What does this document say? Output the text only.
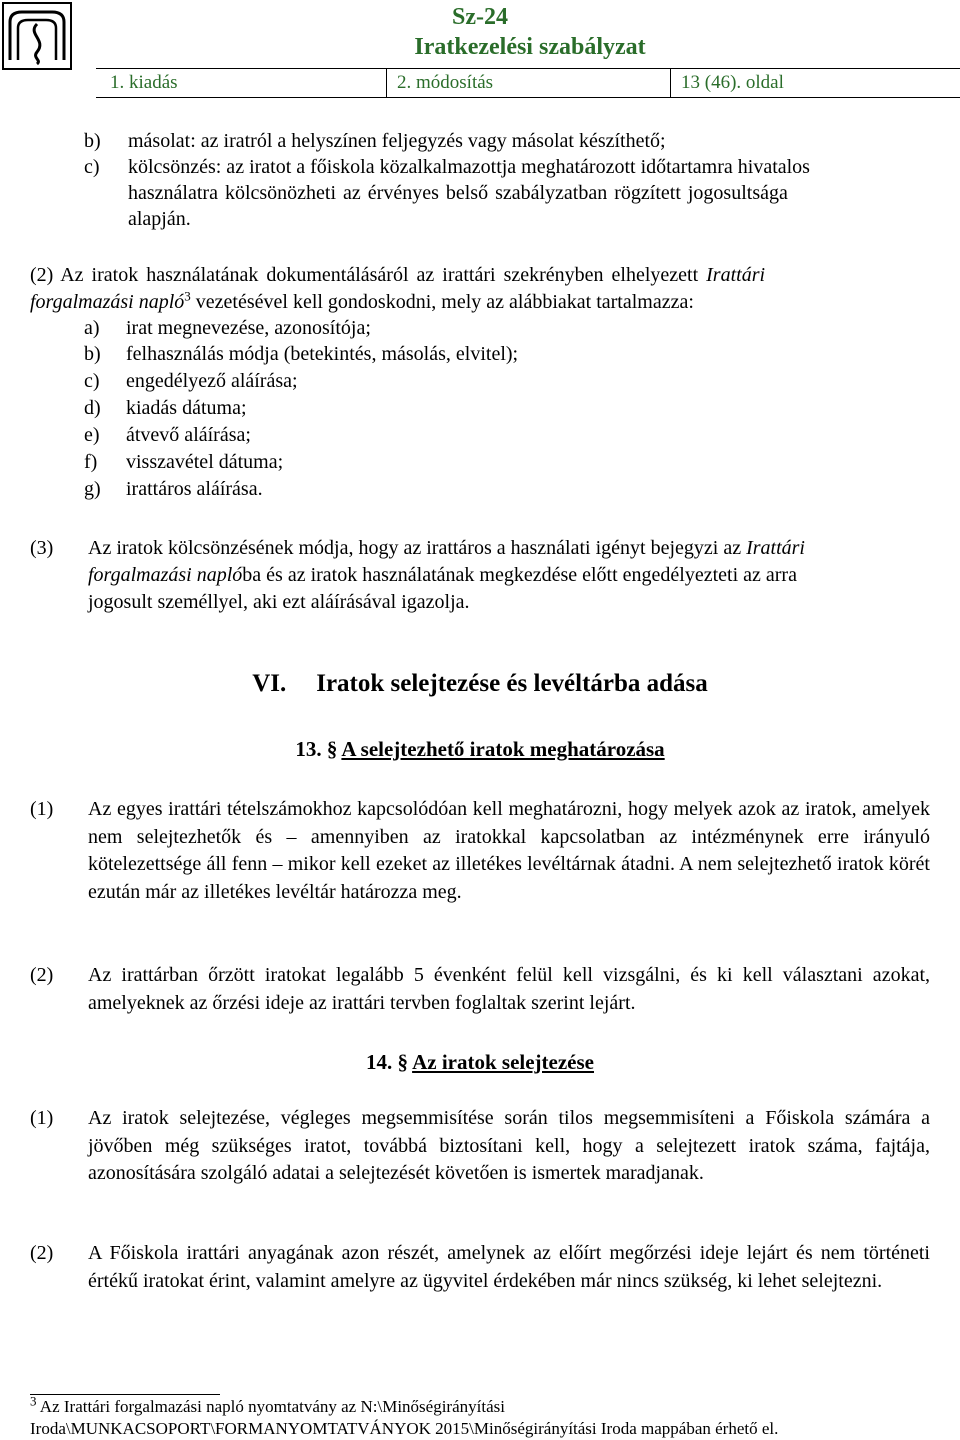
Sz-24
Iratkezelési szabályzat
1. kiadás	2. módosítás	13 (46). oldal
b) másolat: az iratról a helyszínen feljegyzés vagy másolat készíthető;
c) kölcsönzés: az iratot a főiskola közalkalmazottja meghatározott időtartamra hivatalos
használatra kölcsönözheti az érvényes belső szabályzatban rögzített jogosultsága
alapján.
(2) Az iratok használatának dokumentálásáról az irattári szekrényben elhelyezett Irattári
forgalmazási napló$^3$ vezetésével kell gondoskodni, mely az alábbiakat tartalmazza:
a) irat megnevezése, azonosítója;
b) felhasználás módja (betekintés, másolás, elvitel);
c) engedélyező aláírása;
d) kiadás dátuma;
e) átvevő aláírása;
f) visszavétel dátuma;
g) irattáros aláírása.
(3) Az iratok kölcsönzésének módja, hogy az irattáros a használati igényt bejegyzi az Irattári
forgalmazási naplóba és az iratok használatának megkezdése előtt engedélyezteti az arra
jogosult személlyel, aki ezt aláírásával igazolja.
VI. Iratok selejtezése és levéltárba adása
13. § A selejtezhető iratok meghatározása
(1) Az egyes irattári tételszámokhoz kapcsolódóan kell meghatározni, hogy melyek azok az iratok, amelyek nem selejtezhetők és – amennyiben az iratokkal kapcsolatban az intézménynek erre irányuló kötelezettsége áll fenn – mikor kell ezeket az illetékes levéltárnak átadni. A nem selejtezhető iratok körét ezután már az illetékes levéltár határozza meg.
(2) Az irattárban őrzött iratokat legalább 5 évenként felül kell vizsgálni, és ki kell választani azokat, amelyeknek az őrzési ideje az irattári tervben foglaltak szerint lejárt.
14. § Az iratok selejtezése
(1) Az iratok selejtezése, végleges megsemmisítése során tilos megsemmisíteni a Főiskola számára a jövőben még szükséges iratot, továbbá biztosítani kell, hogy a selejtezett iratok száma, fajtája, azonosítására szolgáló adatai a selejtezését követően is ismertek maradjanak.
(2) A Főiskola irattári anyagának azon részét, amelynek az előírt megőrzési ideje lejárt és nem történeti értékű iratokat érint, valamint amelyre az ügyvitel érdekében már nincs szükség, ki lehet selejtezni.
$^3$ Az Irattári forgalmazási napló nyomtatvány az N:\Minőségirányítási
Iroda\MUNKACSOPORT\FORMANYOMTATVÁNYOK 2015\Minőségirányítási Iroda mappában érhető el.
